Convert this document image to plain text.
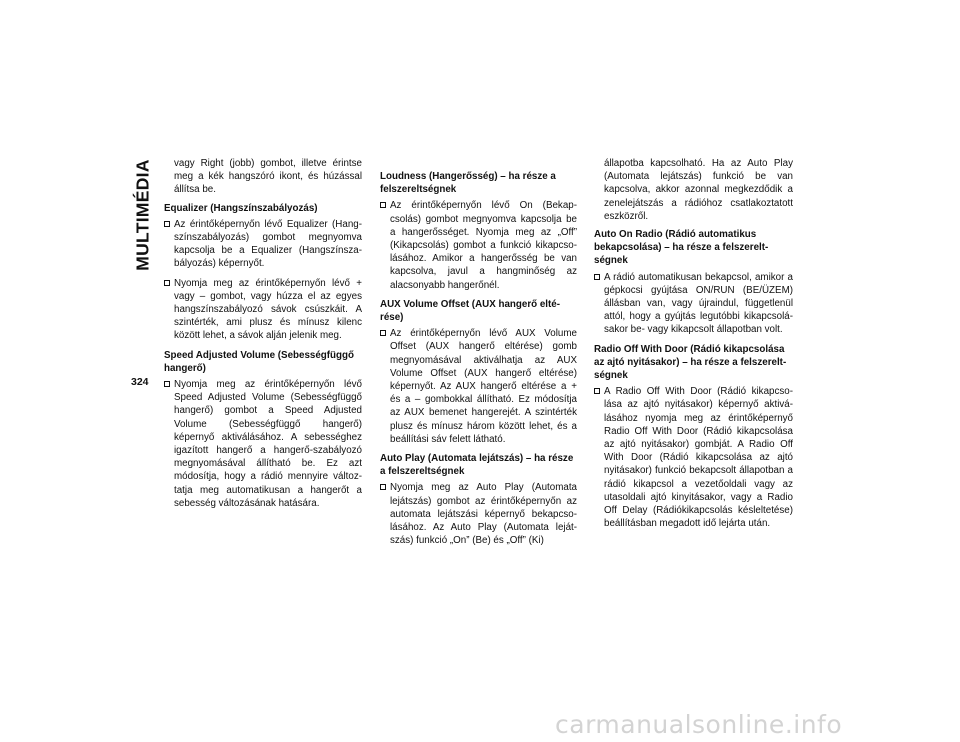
MULTIMÉDIA	vagy Right (jobb) gombot, illetve érintse meg a kék hangszóró ikont, és húzással állítsa be.
Equalizer (Hangszínszabályozás)
Az érintőképernyőn lévő Equalizer (Hang-színszabályozás) gombot megnyomva kapcsolja be a Equalizer (Hangszínsza-bályozás) képernyőt.
Nyomja meg az érintőképernyőn lévő + vagy – gombot, vagy húzza el az egyes hangszínszabályozó sávok csúszkáit. A szintérték, ami plusz és mínusz kilenc között lehet, a sávok alján jelenik meg.
Speed Adjusted Volume (Sebességfüggő hangerő)
Nyomja meg az érintőképernyőn lévő Speed Adjusted Volume (Sebességfüggő hangerő) gombot a Speed Adjusted Volume (Sebességfüggő hangerő) képernyő aktiválásához. A sebességhez igazított hangerő a hangerő-szabályozó megnyomásával állítható be. Ez azt módosítja, hogy a rádió mennyire változ-tatja meg automatikusan a hangerőt a sebesség változásának hatására.
Loudness (Hangerősség) – ha része a felszereltségnek
Az érintőképernyőn lévő On (Bekap-csolás) gombot megnyomva kapcsolja be a hangerősséget. Nyomja meg az „Off” (Kikapcsolás) gombot a funkció kikapcso-lásához. Amikor a hangerősség be van kapcsolva, javul a hangminőség az alacsonyabb hangerőnél.
AUX Volume Offset (AUX hangerő elté-rése)
Az érintőképernyőn lévő AUX Volume Offset (AUX hangerő eltérése) gomb megnyomásával aktiválhatja az AUX Volume Offset (AUX hangerő eltérése) képernyőt. Az AUX hangerő eltérése a + és a – gombokkal állítható. Ez módosítja az AUX bemenet hangerejét. A szintérték plusz és mínusz három között lehet, és a beállítási sáv felett látható.
Auto Play (Automata lejátszás) – ha része a felszereltségnek
Nyomja meg az Auto Play (Automata lejátszás) gombot az érintőképernyőn az automata lejátszási képernyő bekapcso-lásához. Az Auto Play (Automata leját-szás) funkció „On” (Be) és „Off” (Ki)
állapotba kapcsolható. Ha az Auto Play (Automata lejátszás) funkció be van kapcsolva, akkor azonnal megkezdődik a zenelejátszás a rádióhoz csatlakoztatott eszközről.
Auto On Radio (Rádió automatikus bekapcsolása) – ha része a felszerelt-ségnek
A rádió automatikusan bekapcsol, amikor a gépkocsi gyújtása ON/RUN (BE/ÜZEM) állásban van, vagy újraindul, függetlenül attól, hogy a gyújtás legutóbbi kikapcsolá-sakor be- vagy kikapcsolt állapotban volt.
Radio Off With Door (Rádió kikapcsolása az ajtó nyitásakor) – ha része a felszerelt-ségnek
A Radio Off With Door (Rádió kikapcso-lása az ajtó nyitásakor) képernyő aktivá-lásához nyomja meg az érintőképernyő Radio Off With Door (Rádió kikapcsolása az ajtó nyitásakor) gombját. A Radio Off With Door (Rádió kikapcsolása az ajtó nyitásakor) funkció bekapcsolt állapotban a rádió kikapcsol a vezetőoldali vagy az utasoldali ajtó kinyitásakor, vagy a Radio Off Delay (Rádiókikapcsolás késleltetése) beállításban megadott idő lejárta után.
324
carmanualsonline.info
